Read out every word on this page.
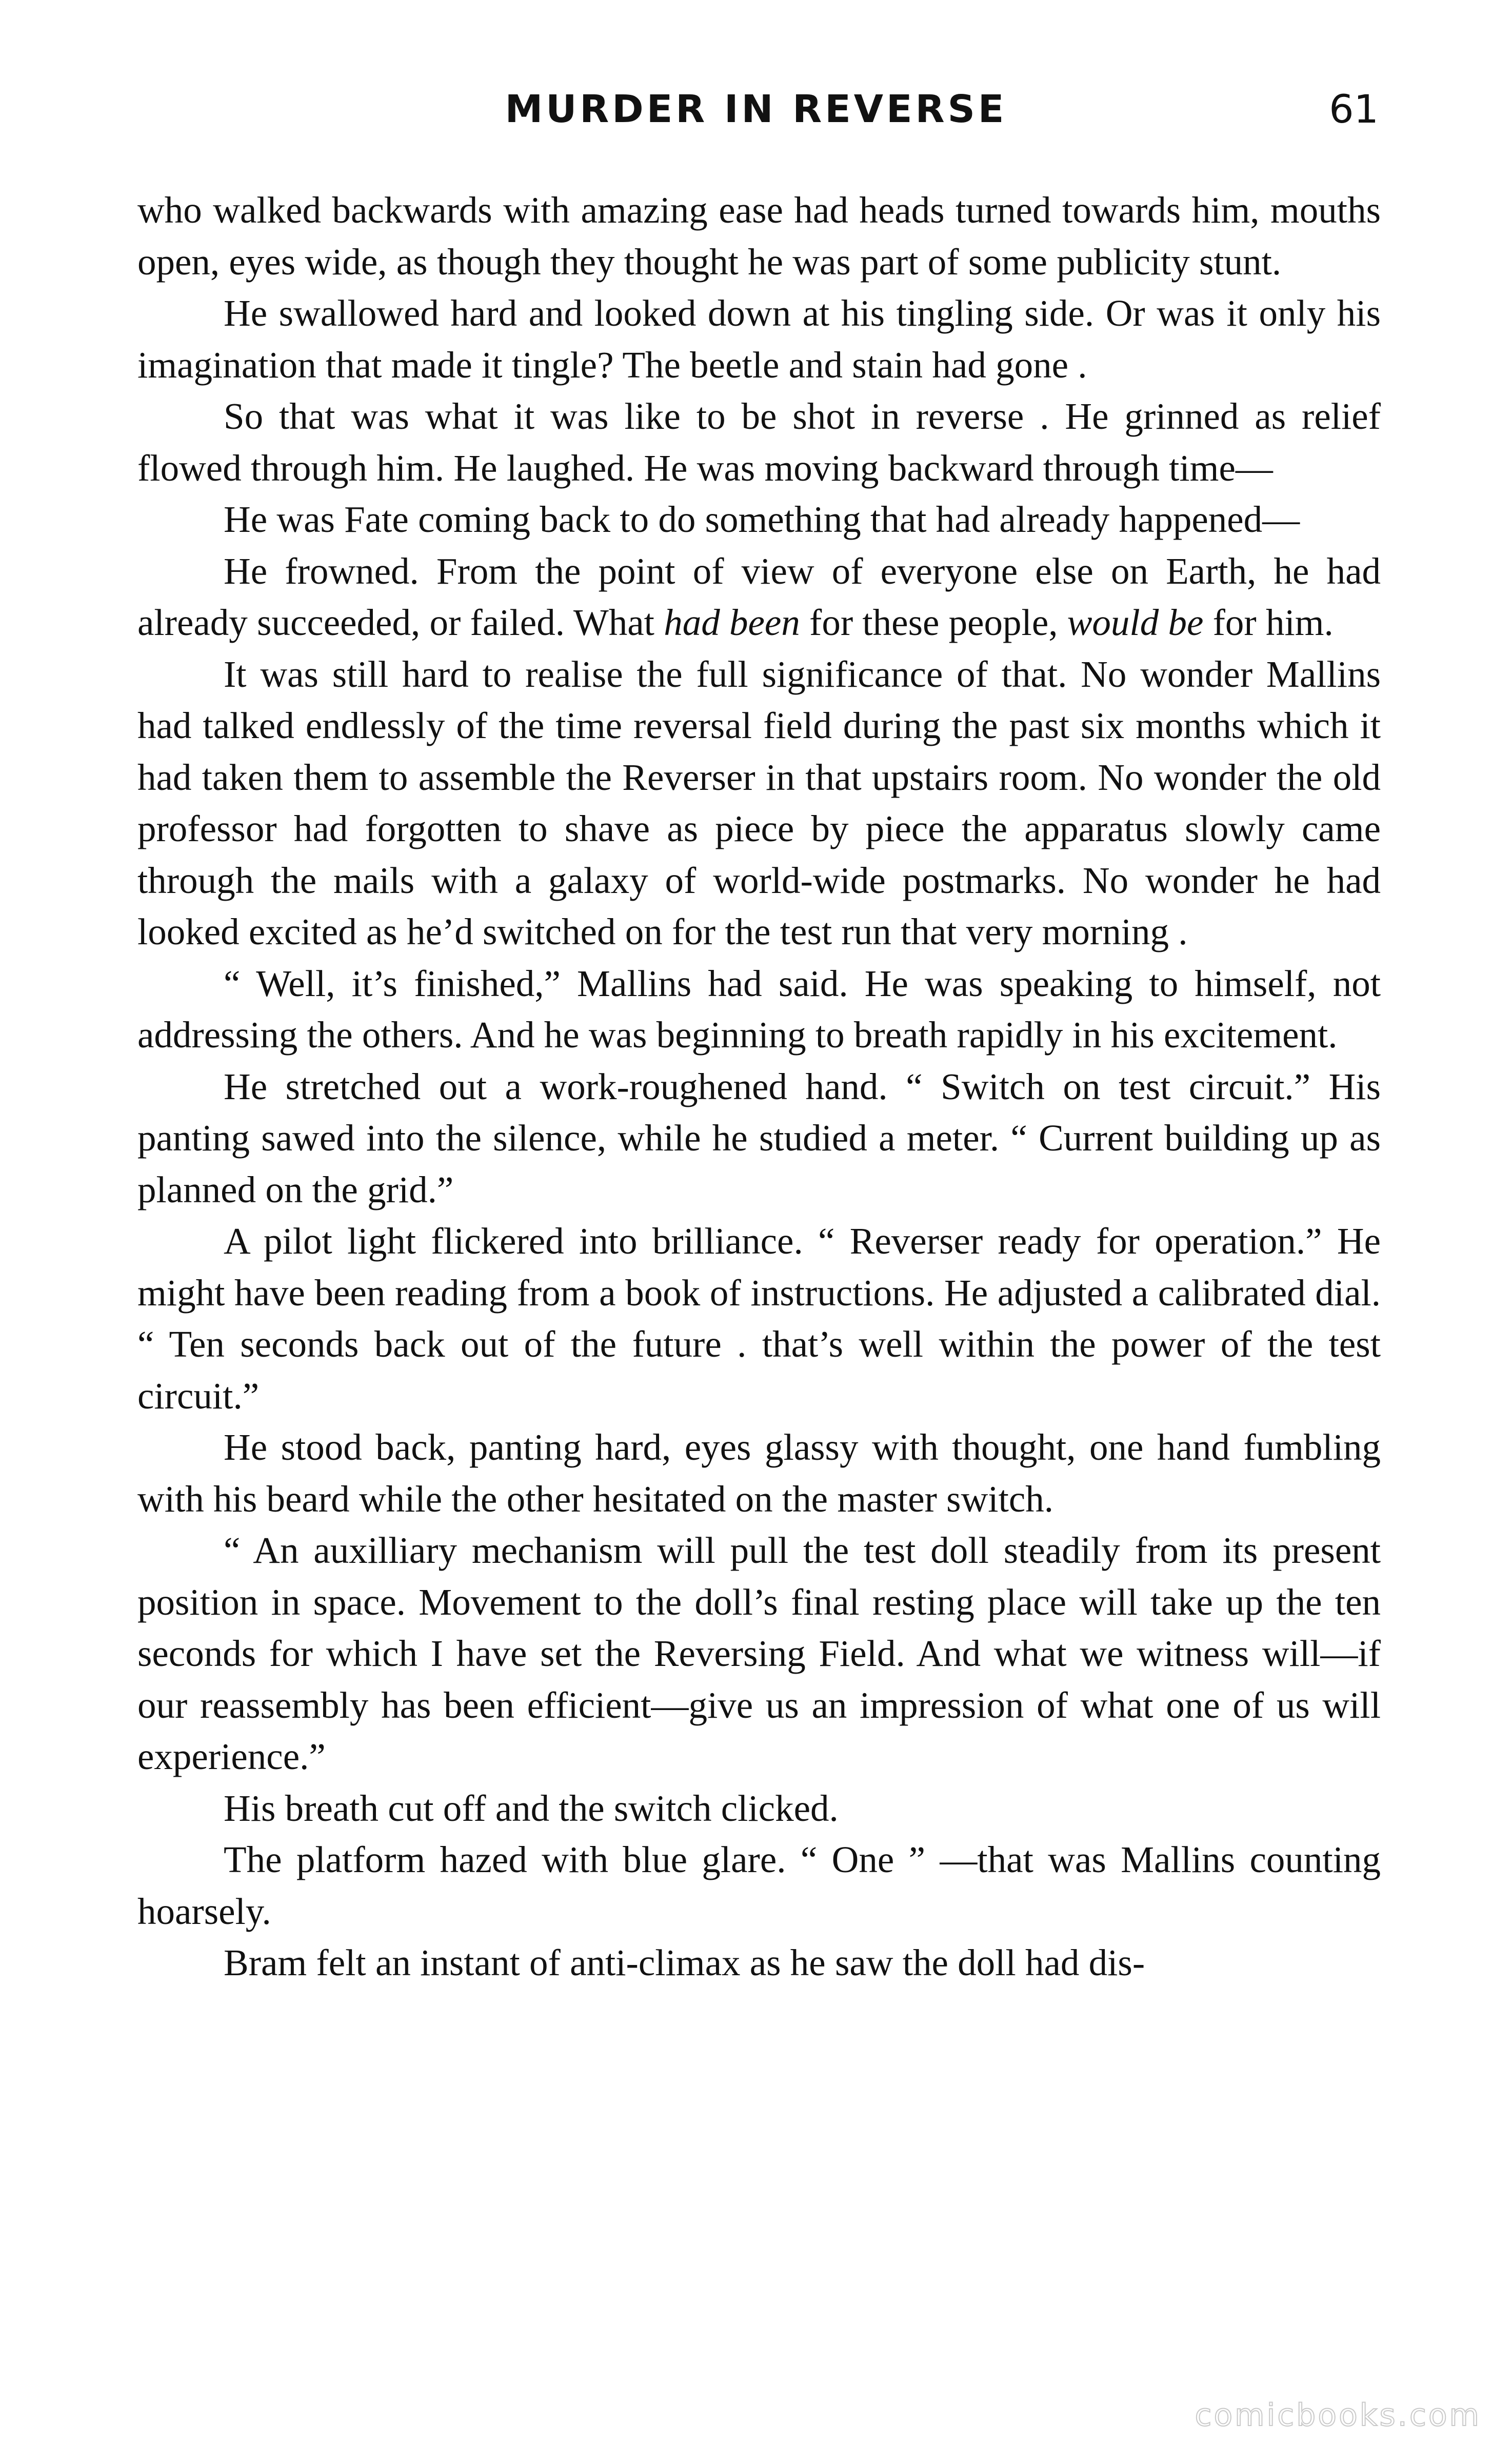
MURDER IN REVERSE	61

who walked backwards with amazing ease had heads turned towards him, mouths open, eyes wide, as though they thought he was part of some publicity stunt.

He swallowed hard and looked down at his tingling side. Or was it only his imagination that made it tingle? The beetle and stain had gone .

So that was what it was like to be shot in reverse . He grinned as relief flowed through him. He laughed. He was moving backward through time—

He was Fate coming back to do something that had already happened—

He frowned. From the point of view of everyone else on Earth, he had already succeeded, or failed. What had been for these people, would be for him.

It was still hard to realise the full significance of that. No wonder Mallins had talked endlessly of the time reversal field during the past six months which it had taken them to assemble the Reverser in that upstairs room. No wonder the old professor had forgotten to shave as piece by piece the apparatus slowly came through the mails with a galaxy of world-wide postmarks. No wonder he had looked excited as he’d switched on for the test run that very morning .

“ Well, it’s finished,” Mallins had said. He was speaking to himself, not addressing the others. And he was beginning to breath rapidly in his excitement.

He stretched out a work-roughened hand. “ Switch on test circuit.” His panting sawed into the silence, while he studied a meter. “ Current building up as planned on the grid.”

A pilot light flickered into brilliance. “ Reverser ready for operation.” He might have been reading from a book of instructions. He adjusted a calibrated dial. “ Ten seconds back out of the future . that’s well within the power of the test circuit.”

He stood back, panting hard, eyes glassy with thought, one hand fumbling with his beard while the other hesitated on the master switch.

“ An auxilliary mechanism will pull the test doll steadily from its present position in space. Movement to the doll’s final resting place will take up the ten seconds for which I have set the Reversing Field. And what we witness will—if our reassembly has been efficient—give us an impression of what one of us will experience.”

His breath cut off and the switch clicked.

The platform hazed with blue glare. “ One ” —that was Mallins counting hoarsely.

Bram felt an instant of anti-climax as he saw the doll had dis-

comicbooks.com
